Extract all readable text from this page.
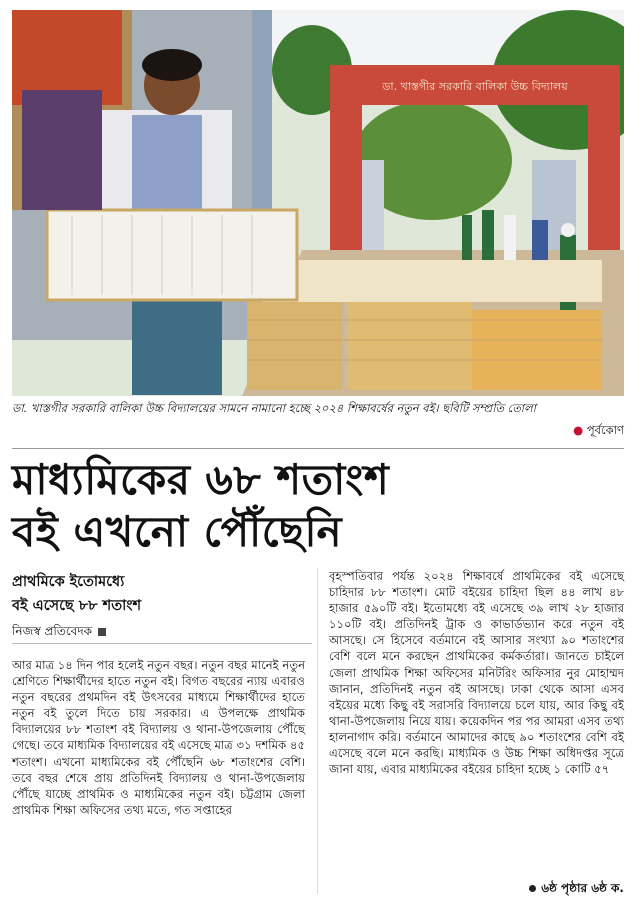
ডা. খাস্তগীর সরকারি বালিকা উচ্চ বিদ্যালয়
ডা. খাস্তগীর সরকারি বালিকা উচ্চ বিদ্যালয়ের সামনে নামানো হচ্ছে ২০২৪ শিক্ষাবর্ষের নতুন বই। ছবিটি সম্প্রতি তোলা
● পূর্বকোণ
মাধ্যমিকের ৬৮ শতাংশ
বই এখনো পৌঁছেনি
প্রাথমিকে ইতোমধ্যে
বই এসেছে ৮৮ শতাংশ
নিজস্ব প্রতিবেদক
আর মাত্র ১৪ দিন পার হলেই নতুন বছর। নতুন বছর মানেই নতুন শ্রেণিতে শিক্ষার্থীদের হাতে নতুন বই। বিগত বছরের ন্যায় এবারও নতুন বছরের প্রথমদিন বই উৎসবের মাধ্যমে শিক্ষার্থীদের হাতে নতুন বই তুলে দিতে চায় সরকার। এ উপলক্ষে প্রাথমিক বিদ্যালয়ের ৮৮ শতাংশ বই বিদ্যালয় ও থানা-উপজেলায় পৌঁছে গেছে। তবে মাধ্যমিক বিদ্যালয়ের বই এসেছে মাত্র ৩১ দশমিক ৪৫ শতাংশ। এখনো মাধ্যমিকের বই পৌঁছেনি ৬৮ শতাংশের বেশি। তবে বছর শেষে প্রায় প্রতিদিনই বিদ্যালয় ও থানা-উপজেলায় পৌঁছে যাচ্ছে প্রাথমিক ও মাধ্যমিকের নতুন বই। চট্টগ্রাম জেলা প্রাথমিক শিক্ষা অফিসের তথ্য মতে, গত সপ্তাহের
বৃহস্পতিবার পর্যন্ত ২০২৪ শিক্ষাবর্ষে প্রাথমিকের বই এসেছে চাহিদার ৮৮ শতাংশ। মোট বইয়ের চাহিদা ছিল ৪৪ লাখ ৪৮ হাজার ৫৯০টি বই। ইতোমধ্যে বই এসেছে ৩৯ লাখ ২৮ হাজার ১১০টি বই। প্রতিদিনই ট্রাক ও কাভার্ডভ্যান করে নতুন বই আসছে। সে হিসেবে বর্তমানে বই আসার সংখ্যা ৯০ শতাংশের বেশি বলে মনে করছেন প্রাথমিকের কর্মকর্তারা। জানতে চাইলে জেলা প্রাথমিক শিক্ষা অফিসের মনিটরিং অফিসার নুর মোহাম্মদ জানান, প্রতিদিনই নতুন বই আসছে। ঢাকা থেকে আসা এসব বইয়ের মধ্যে কিছু বই সরাসরি বিদ্যালয়ে চলে যায়, আর কিছু বই থানা-উপজেলায় নিয়ে যায়। কয়েকদিন পর পর আমরা এসব তথ্য হালনাগাদ করি। বর্তমানে আমাদের কাছে ৯০ শতাংশের বেশি বই এসেছে বলে মনে করছি। মাধ্যমিক ও উচ্চ শিক্ষা অধিদপ্তর সূত্রে জানা যায়, এবার মাধ্যমিকের বইয়ের চাহিদা হচ্ছে ১ কোটি ৫৭
৬ষ্ঠ পৃষ্ঠার ৬ষ্ঠ ক.
